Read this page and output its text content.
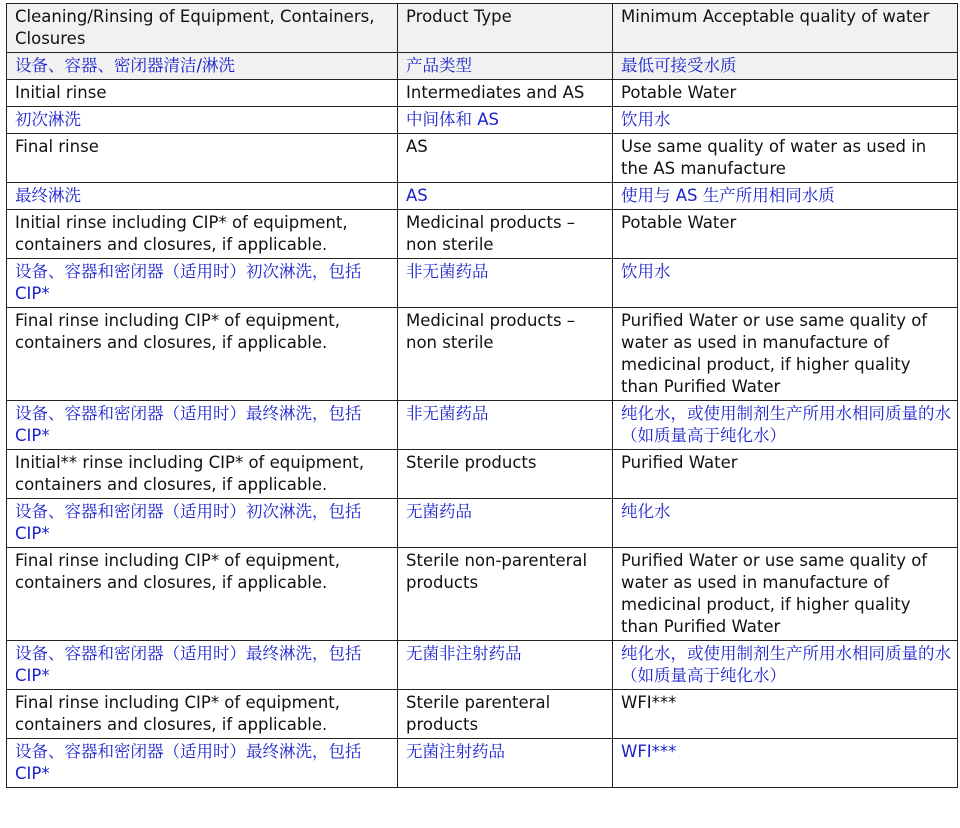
Cleaning/Rinsing of Equipment, Containers, Closures	Product Type	Minimum Acceptable quality of water
设备、容器、密闭器清洁/淋洗	产品类型	最低可接受水质
Initial rinse	Intermediates and AS	Potable Water
初次淋洗	中间体和 AS	饮用水
Final rinse	AS	Use same quality of water as used in the AS manufacture
最终淋洗	AS	使用与 AS 生产所用相同水质
Initial rinse including CIP* of equipment, containers and closures, if applicable.	Medicinal products – non sterile	Potable Water
设备、容器和密闭器（适用时）初次淋洗，包括 CIP*	非无菌药品	饮用水
Final rinse including CIP* of equipment, containers and closures, if applicable.	Medicinal products – non sterile	Purified Water or use same quality of water as used in manufacture of medicinal product, if higher quality than Purified Water
设备、容器和密闭器（适用时）最终淋洗，包括 CIP*	非无菌药品	纯化水，或使用制剂生产所用水相同质量的水（如质量高于纯化水）
Initial** rinse including CIP* of equipment, containers and closures, if applicable.	Sterile products	Purified Water
设备、容器和密闭器（适用时）初次淋洗，包括 CIP*	无菌药品	纯化水
Final rinse including CIP* of equipment, containers and closures, if applicable.	Sterile non-parenteral products	Purified Water or use same quality of water as used in manufacture of medicinal product, if higher quality than Purified Water
设备、容器和密闭器（适用时）最终淋洗，包括 CIP*	无菌非注射药品	纯化水，或使用制剂生产所用水相同质量的水（如质量高于纯化水）
Final rinse including CIP* of equipment, containers and closures, if applicable.	Sterile parenteral products	WFI***
设备、容器和密闭器（适用时）最终淋洗，包括 CIP*	无菌注射药品	WFI***
